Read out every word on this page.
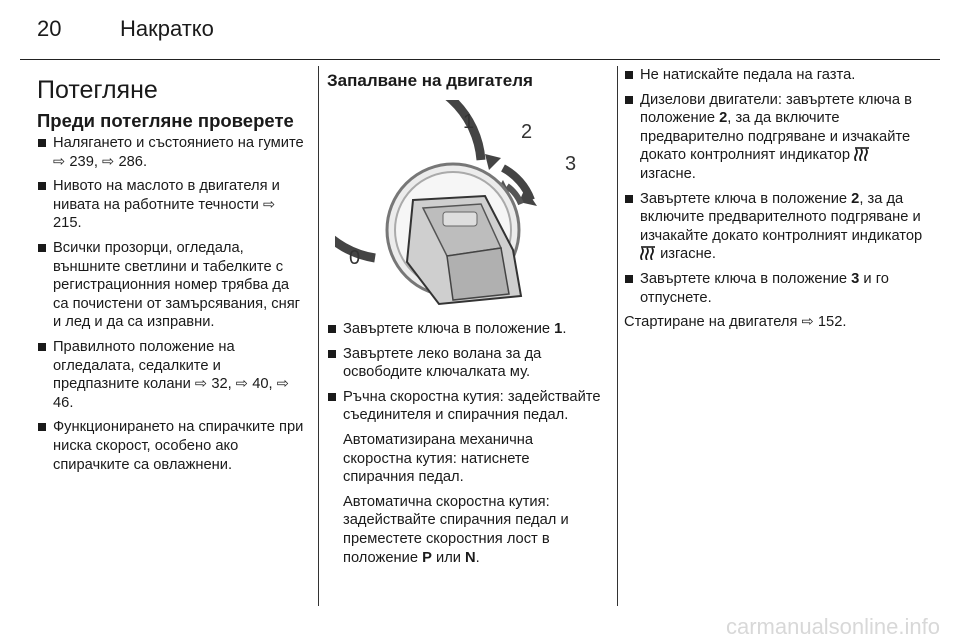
20	Накратко
Потегляне
Преди потегляне проверете
Налягането и състоянието на гумите ⇨ 239, ⇨ 286.
Нивото на маслото в двигателя и нивата на работните течности ⇨ 215.
Всички прозорци, огледала, външните светлини и табелките с регистрационния номер трябва да са почистени от замърсявания, сняг и лед и да са изправни.
Правилното положение на огледалата, седалките и предпазните колани ⇨ 32, ⇨ 40, ⇨ 46.
Функционирането на спирачките при ниска скорост, особено ако спирачките са овлажнени.
Запалване на двигателя
0
1 2
3
Завъртете ключа в положение 1.
Завъртете леко волана за да освободите ключалката му.
Ръчна скоростна кутия: задействайте съединителя и спирачния педал.
Автоматизирана механична скоростна кутия: натиснете спирачния педал.
Автоматична скоростна кутия: задействайте спирачния педал и преместете скоростния лост в положение P или N.
Не натискайте педала на газта.
Дизелови двигатели: завъртете ключа в положение 2, за да включите предварително подгряване и изчакайте докато контролният индикатор  изгасне.
Завъртете ключа в положение 2, за да включите предварителното подгряване и изчакайте докато контролният индикатор  изгасне.
Завъртете ключа в положение 3 и го отпуснете.

Стартиране на двигателя ⇨ 152.

carmanualsonline.info
